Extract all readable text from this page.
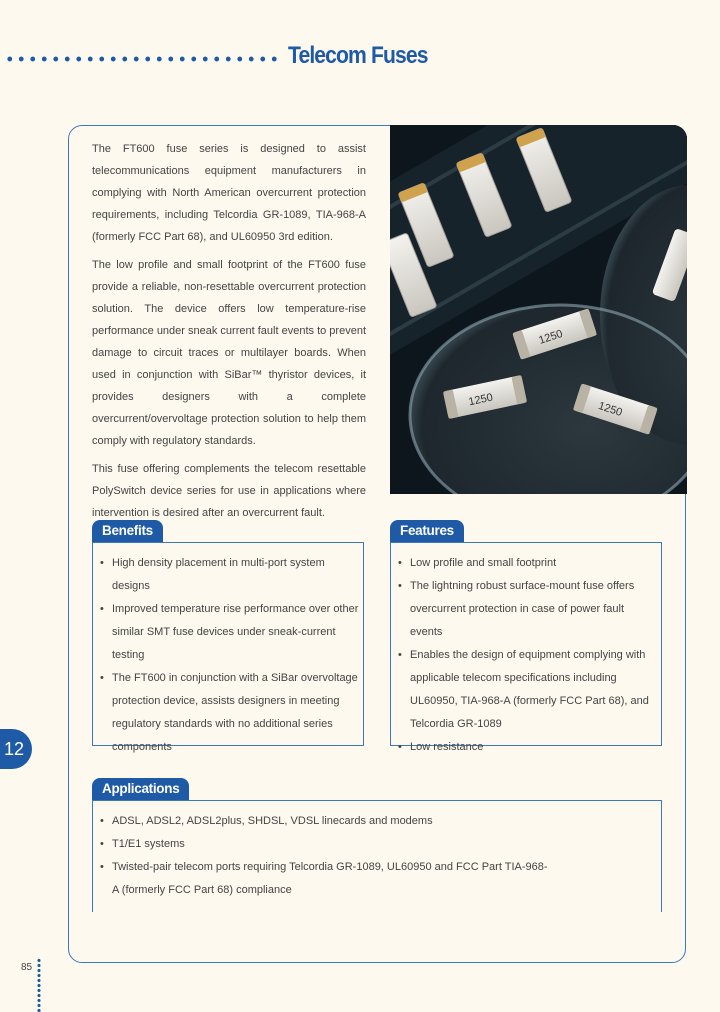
Telecom Fuses

The FT600 fuse series is designed to assist telecommunications equipment manufacturers in complying with North American overcurrent protection requirements, including Telcordia GR-1089, TIA-968-A (formerly FCC Part 68), and UL60950 3rd edition.

The low profile and small footprint of the FT600 fuse provide a reliable, non-resettable overcurrent protection solution. The device offers low temperature-rise performance under sneak current fault events to prevent damage to circuit traces or multilayer boards. When used in conjunction with SiBar™ thyristor devices, it provides designers with a complete overcurrent/overvoltage protection solution to help them comply with regulatory standards.

This fuse offering complements the telecom resettable PolySwitch device series for use in applications where intervention is desired after an overcurrent fault.

1250
1250
1250
Benefits
• High density placement in multi-port system designs
• Improved temperature rise performance over other similar SMT fuse devices under sneak-current testing
• The FT600 in conjunction with a SiBar overvoltage protection device, assists designers in meeting regulatory standards with no additional series components
Features
• Low profile and small footprint
• The lightning robust surface-mount fuse offers overcurrent protection in case of power fault events
• Enables the design of equipment complying with applicable telecom specifications including UL60950, TIA-968-A (formerly FCC Part 68), and Telcordia GR-1089
• Low resistance
Applications
• ADSL, ADSL2, ADSL2plus, SHDSL, VDSL linecards and modems
• T1/E1 systems
• Twisted-pair telecom ports requiring Telcordia GR-1089, UL60950 and FCC Part TIA-968-A (formerly FCC Part 68) compliance
12
85
